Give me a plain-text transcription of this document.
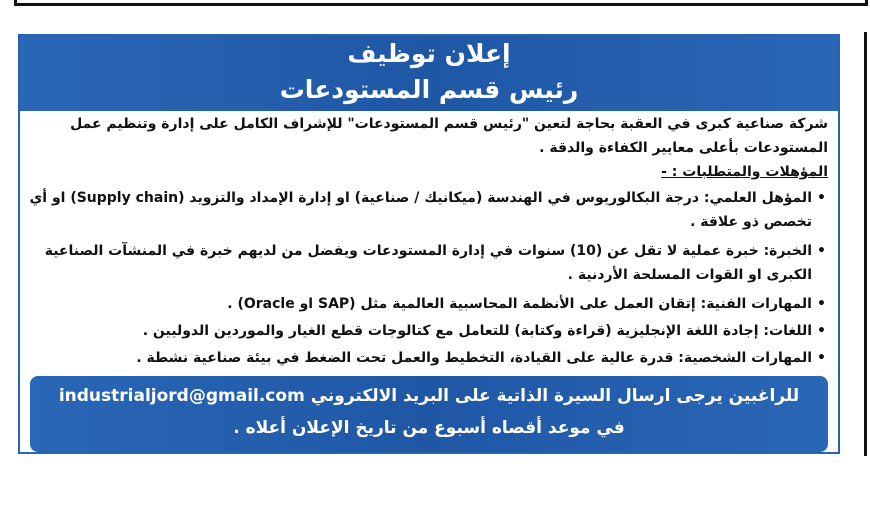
إعلان توظيف
رئيس قسم المستودعات

شركة صناعية كبرى في العقبة بحاجة لتعين "رئيس قسم المستودعات" للإشراف الكامل على إدارة وتنظيم عمل المستودعات بأعلى معايير الكفاءة والدقة .

المؤهلات والمتطلبات : -

•
المؤهل العلمي: درجة البكالوريوس في الهندسة (ميكانيك / صناعية) او إدارة الإمداد والتزويد (Supply chain) او أي تخصص ذو علاقة .
•
الخبرة: خبرة عملية لا تقل عن (10) سنوات في إدارة المستودعات ويفضل من لديهم خبرة في المنشآت الصناعية الكبرى او القوات المسلحة الأردنية .
•
المهارات الفنية: إتقان العمل على الأنظمة المحاسبية العالمية مثل (SAP او Oracle) .
•
اللغات: إجادة اللغة الإنجليزية (قراءة وكتابة) للتعامل مع كتالوجات قطع الغيار والموردين الدوليين .
•
المهارات الشخصية: قدرة عالية على القيادة، التخطيط والعمل تحت الضغط في بيئة صناعية نشطة .
للراغبين يرجى ارسال السيرة الذاتية على البريد الالكتروني industrialjord@gmail.com
في موعد أقصاه أسبوع من تاريخ الإعلان أعلاه .
